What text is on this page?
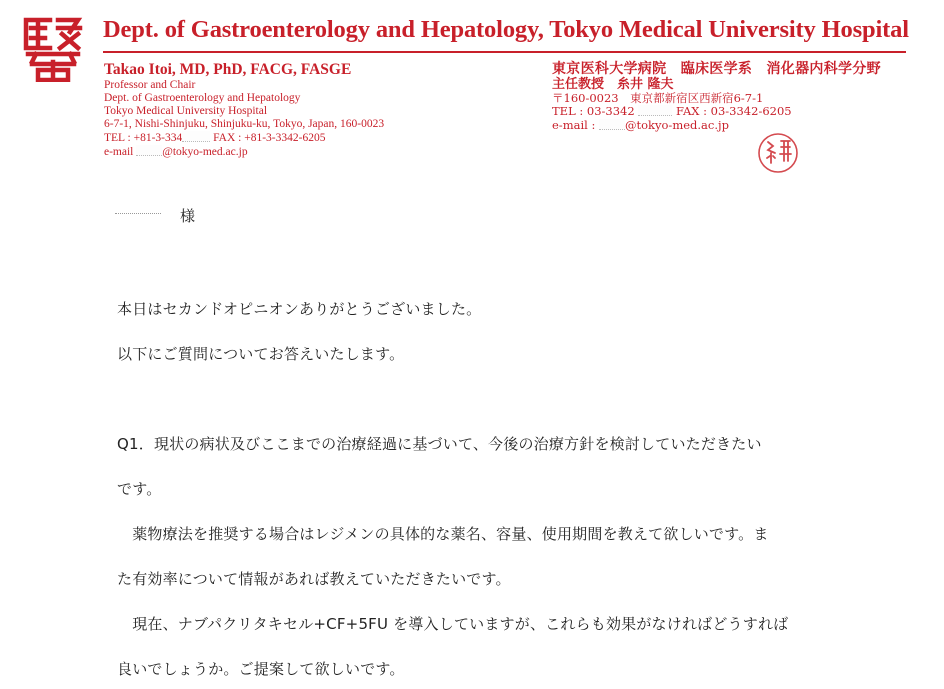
Dept. of Gastroenterology and Hepatology, Tokyo Medical University Hospital
Takao Itoi, MD, PhD, FACG, FASGE
Professor and Chair
Dept. of Gastroenterology and Hepatology
Tokyo Medical University Hospital
6-7-1, Nishi-Shinjuku, Shinjuku-ku, Tokyo, Japan, 160-0023
TEL : +81-3-334	FAX : +81-3-3342-6205
e-mail	@tokyo-med.ac.jp
東京医科大学病院　臨床医学系　消化器内科学分野
主任教授　糸井 隆夫
〒160-0023　東京都新宿区西新宿6-7-1
TEL : 03-3342	FAX : 03-3342-6205
e-mail :	@tokyo-med.ac.jp
様
本日はセカンドオピニオンありがとうございました。
以下にご質問についてお答えいたします。
Q1．現状の病状及びここまでの治療経過に基づいて、今後の治療方針を検討していただきたい
です。
　薬物療法を推奨する場合はレジメンの具体的な薬名、容量、使用期間を教えて欲しいです。ま
た有効率について情報があれば教えていただきたいです。
　現在、ナブパクリタキセル+CF+5FU を導入していますが、これらも効果がなければどうすれば
良いでしょうか。ご提案して欲しいです。
